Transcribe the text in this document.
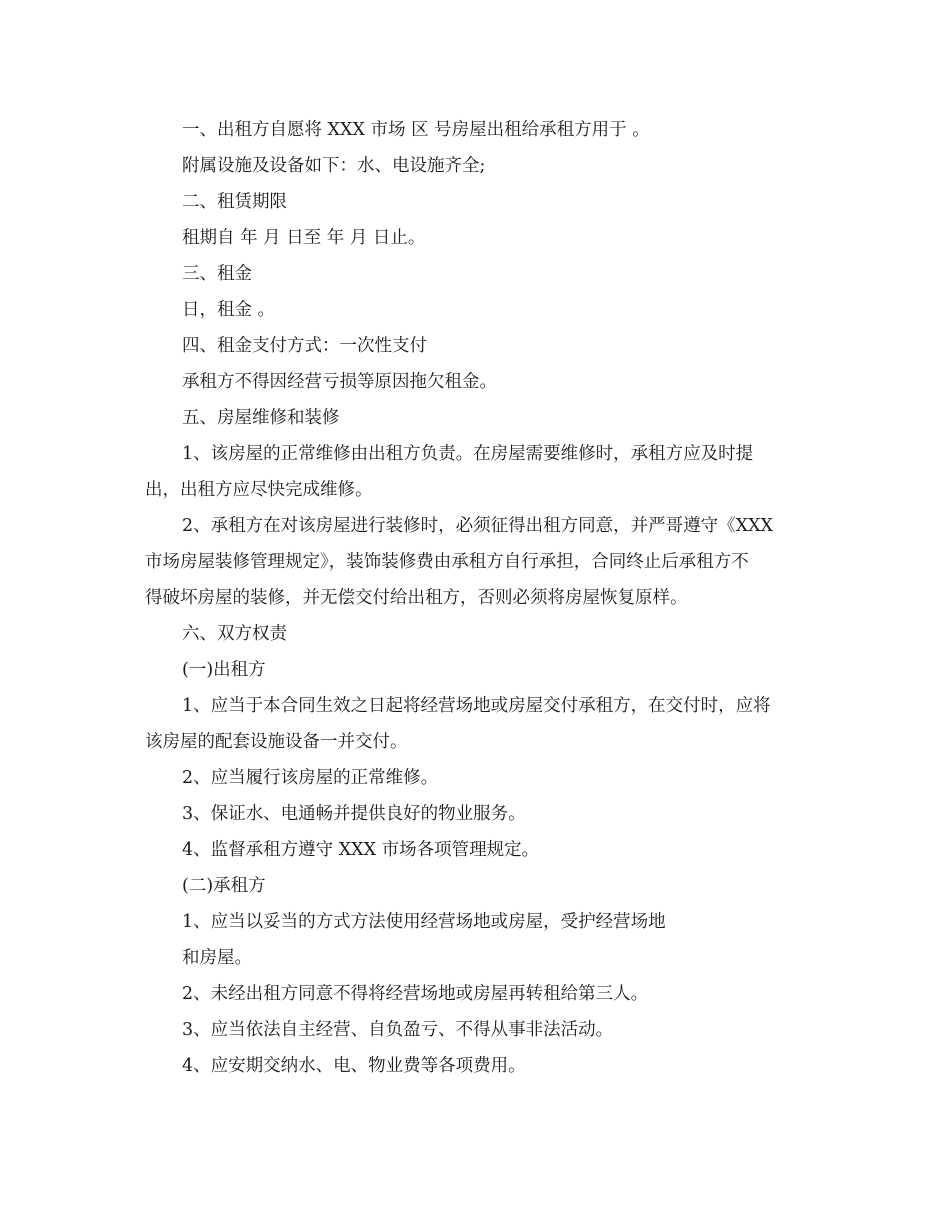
一、出租方自愿将 XXX 市场 区 号房屋出租给承租方用于 。

附属设施及设备如下：水、电设施齐全;

二、租赁期限

租期自 年 月 日至 年 月 日止。

三、租金

日，租金 。

四、租金支付方式：一次性支付

承租方不得因经营亏损等原因拖欠租金。

五、房屋维修和装修

1、该房屋的正常维修由出租方负责。在房屋需要维修时，承租方应及时提

出，出租方应尽快完成维修。

2、承租方在对该房屋进行装修时，必须征得出租方同意，并严哥遵守《XXX

市场房屋装修管理规定》，装饰装修费由承租方自行承担，合同终止后承租方不

得破坏房屋的装修，并无偿交付给出租方，否则必须将房屋恢复原样。

六、双方权责

(一)出租方

1、应当于本合同生效之日起将经营场地或房屋交付承租方，在交付时，应将

该房屋的配套设施设备一并交付。

2、应当履行该房屋的正常维修。

3、保证水、电通畅并提供良好的物业服务。

4、监督承租方遵守 XXX 市场各项管理规定。

(二)承租方

1、应当以妥当的方式方法使用经营场地或房屋，受护经营场地

和房屋。

2、未经出租方同意不得将经营场地或房屋再转租给第三人。

3、应当依法自主经营、自负盈亏、不得从事非法活动。

4、应安期交纳水、电、物业费等各项费用。
